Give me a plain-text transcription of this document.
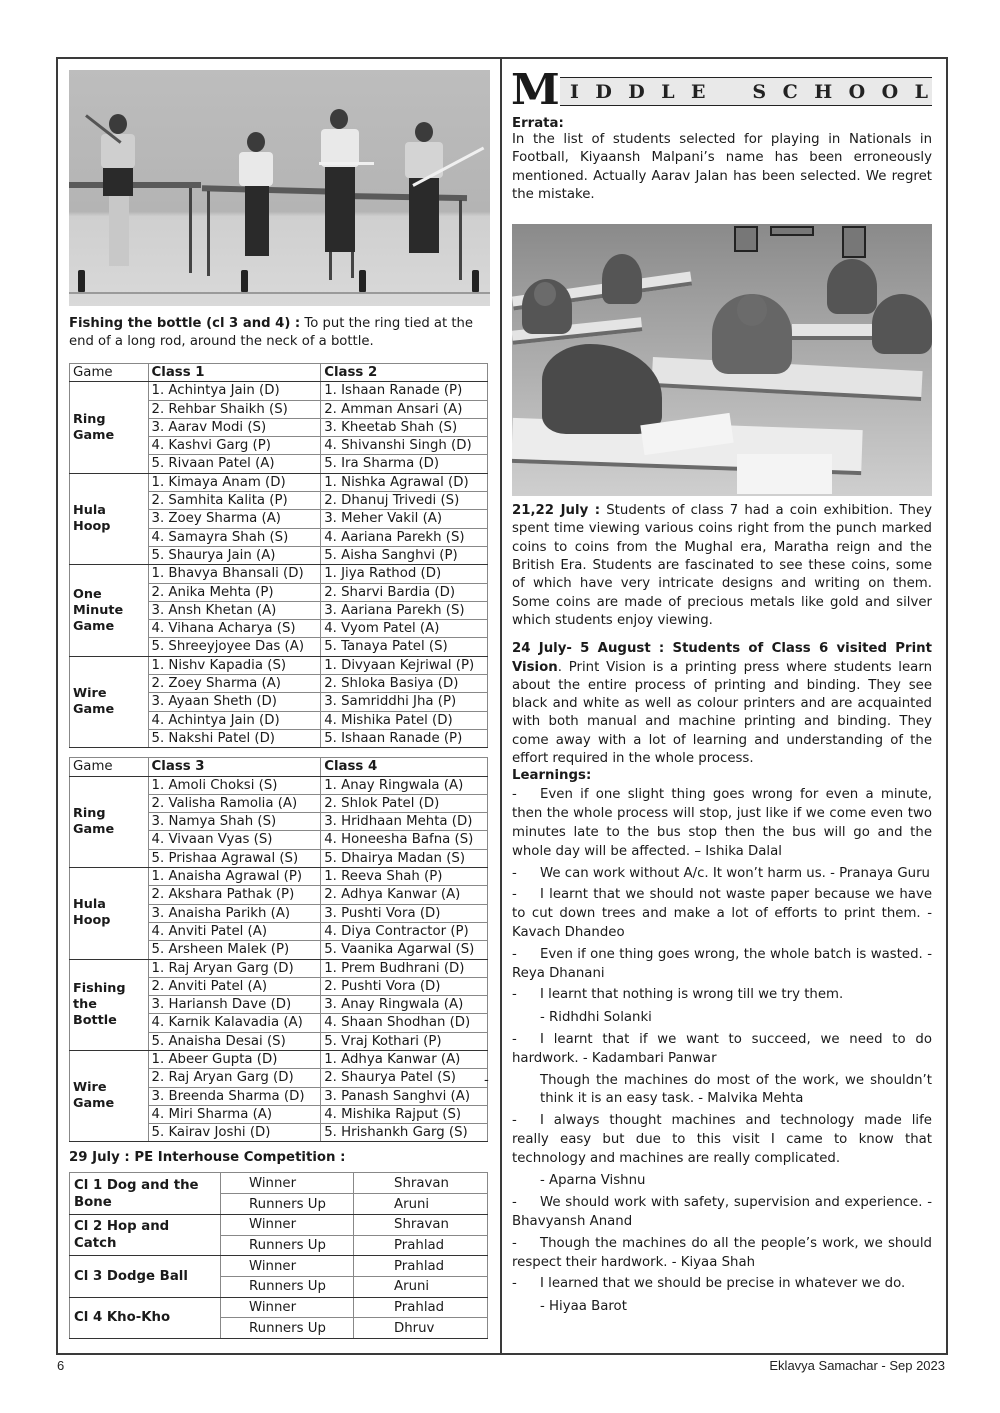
Fishing the bottle (cl 3 and 4) : To put the ring tied at the end of a long rod, around the neck of a bottle.

Game	Class 1	Class 2
Ring Game	1. Achintya Jain (D)	1. Ishaan Ranade (P)
	2. Rehbar Shaikh (S)	2. Amman Ansari (A)
	3. Aarav Modi (S)	3. Kheetab Shah (S)
	4. Kashvi Garg (P)	4. Shivanshi Singh (D)
	5. Rivaan Patel (A)	5. Ira Sharma (D)
Hula Hoop	1. Kimaya Anam (D)	1. Nishka Agrawal (D)
	2. Samhita Kalita (P)	2. Dhanuj Trivedi (S)
	3. Zoey Sharma (A)	3. Meher Vakil (A)
	4. Samayra Shah (S)	4. Aariana Parekh (S)
	5. Shaurya Jain (A)	5. Aisha Sanghvi (P)
One Minute Game	1. Bhavya Bhansali (D)	1. Jiya Rathod (D)
	2. Anika Mehta (P)	2. Sharvi Bardia (D)
	3. Ansh Khetan (A)	3. Aariana Parekh (S)
	4. Vihana Acharya (S)	4. Vyom Patel (A)
	5. Shreeyjoyee Das (A)	5. Tanaya Patel (S)
Wire Game	1. Nishv Kapadia (S)	1. Divyaan Kejriwal (P)
	2. Zoey Sharma (A)	2. Shloka Basiya (D)
	3. Ayaan Sheth (D)	3. Samriddhi Jha (P)
	4. Achintya Jain (D)	4. Mishika Patel (D)
	5. Nakshi Patel (D)	5. Ishaan Ranade (P)
Game	Class 3	Class 4
Ring Game	1. Amoli Choksi (S)	1. Anay Ringwala (A)
	2. Valisha Ramolia (A)	2. Shlok Patel (D)
	3. Namya Shah (S)	3. Hridhaan Mehta (D)
	4. Vivaan Vyas (S)	4. Honeesha Bafna (S)
	5. Prishaa Agrawal (S)	5. Dhairya Madan (S)
Hula Hoop	1. Anaisha Agrawal (P)	1. Reeva Shah (P)
	2. Akshara Pathak (P)	2. Adhya Kanwar (A)
	3. Anaisha Parikh (A)	3. Pushti Vora (D)
	4. Anviti Patel (A)	4. Diya Contractor (P)
	5. Arsheen Malek (P)	5. Vaanika Agarwal (S)
Fishing the Bottle	1. Raj Aryan Garg (D)	1. Prem Budhrani (D)
	2. Anviti Patel (A)	2. Pushti Vora (D)
	3. Hariansh Dave (D)	3. Anay Ringwala (A)
	4. Karnik Kalavadia (A)	4. Shaan Shodhan (D)
	5. Anaisha Desai (S)	5. Vraj Kothari (P)
Wire Game	1. Abeer Gupta (D)	1. Adhya Kanwar (A)
	2. Raj Aryan Garg (D)	2. Shaurya Patel (S)
	3. Breenda Sharma (D)	3. Panash Sanghvi (A)
	4. Miri Sharma (A)	4. Mishika Rajput (S)
	5. Kairav Joshi (D)	5. Hrishankh Garg (S)
29 July : PE Interhouse Competition :
Cl 1 Dog and the Bone	Winner	Shravan
	Runners Up	Aruni
Cl 2 Hop and Catch	Winner	Shravan
	Runners Up	Prahlad
Cl 3 Dodge Ball	Winner	Prahlad
	Runners Up	Aruni
Cl 4 Kho-Kho	Winner	Prahlad
	Runners Up	Dhruv
M I D D L E S C H O O L
Errata:

In the list of students selected for playing in Nationals in Football, Kiyaansh Malpani’s name has been erroneously mentioned. Actually Aarav Jalan has been selected. We regret the mistake.

21,22 July : Students of class 7 had a coin exhibition. They spent time viewing various coins right from the punch marked coins to coins from the Mughal era, Maratha reign and the British Era. Students are fascinated to see these coins, some of which have very intricate designs and writing on them. Some coins are made of precious metals like gold and silver which students enjoy viewing.

24 July- 5 August : Students of Class 6 visited Print Vision. Print Vision is a printing press where students learn about the entire process of printing and binding. They see black and white as well as colour printers and are acquainted with both manual and machine printing and binding. They come away with a lot of learning and understanding of the effort required in the whole process.

Learnings:
- Even if one slight thing goes wrong for even a minute, then the whole process will stop, just like if we come even two minutes late to the bus stop then the bus will go and the whole day will be affected. – Ishika Dalal
- We can work without A/c. It won’t harm us. - Pranaya Guru
- I learnt that we should not waste paper because we have to cut down trees and make a lot of efforts to print them. - Kavach Dhandeo
- Even if one thing goes wrong, the whole batch is wasted. - Reya Dhanani
- I learnt that nothing is wrong till we try them.
- Ridhdhi Solanki
- I learnt that if we want to succeed, we need to do hardwork. - Kadambari Panwar
-	Though the machines do most of the work, we shouldn’t think it is an easy task. - Malvika Mehta
- I always thought machines and technology made life really easy but due to this visit I came to know that technology and machines are really complicated.
- Aparna Vishnu
- We should work with safety, supervision and experience. - Bhavyansh Anand
- Though the machines do all the people’s work, we should respect their hardwork. - Kiyaa Shah
- I learned that we should be precise in whatever we do.
- Hiyaa Barot
6	Eklavya Samachar - Sep 2023
